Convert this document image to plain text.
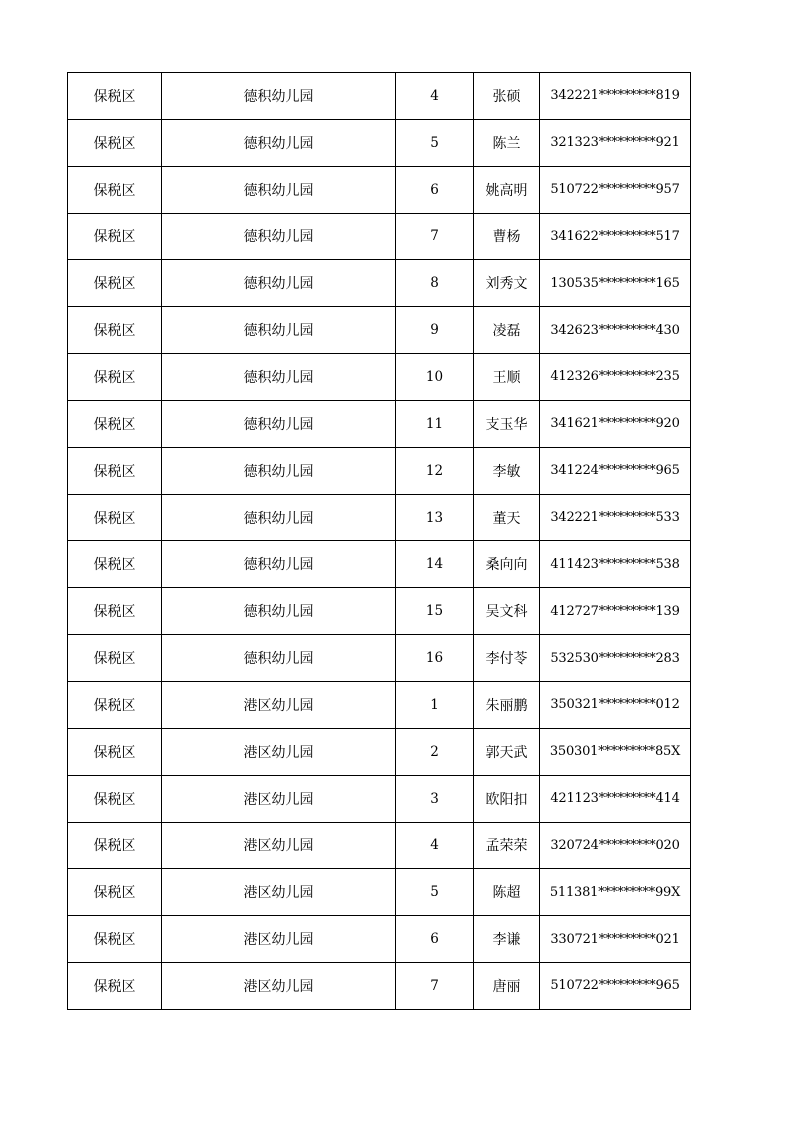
保税区	德积幼儿园	4	张硕	342221*********819
保税区	德积幼儿园	5	陈兰	321323*********921
保税区	德积幼儿园	6	姚高明	510722*********957
保税区	德积幼儿园	7	曹杨	341622*********517
保税区	德积幼儿园	8	刘秀文	130535*********165
保税区	德积幼儿园	9	凌磊	342623*********430
保税区	德积幼儿园	10	王顺	412326*********235
保税区	德积幼儿园	11	支玉华	341621*********920
保税区	德积幼儿园	12	李敏	341224*********965
保税区	德积幼儿园	13	董天	342221*********533
保税区	德积幼儿园	14	桑向向	411423*********538
保税区	德积幼儿园	15	吴文科	412727*********139
保税区	德积幼儿园	16	李付苓	532530*********283
保税区	港区幼儿园	1	朱丽鹏	350321*********012
保税区	港区幼儿园	2	郭天武	350301*********85X
保税区	港区幼儿园	3	欧阳扣	421123*********414
保税区	港区幼儿园	4	孟荣荣	320724*********020
保税区	港区幼儿园	5	陈超	511381*********99X
保税区	港区幼儿园	6	李谦	330721*********021
保税区	港区幼儿园	7	唐丽	510722*********965
